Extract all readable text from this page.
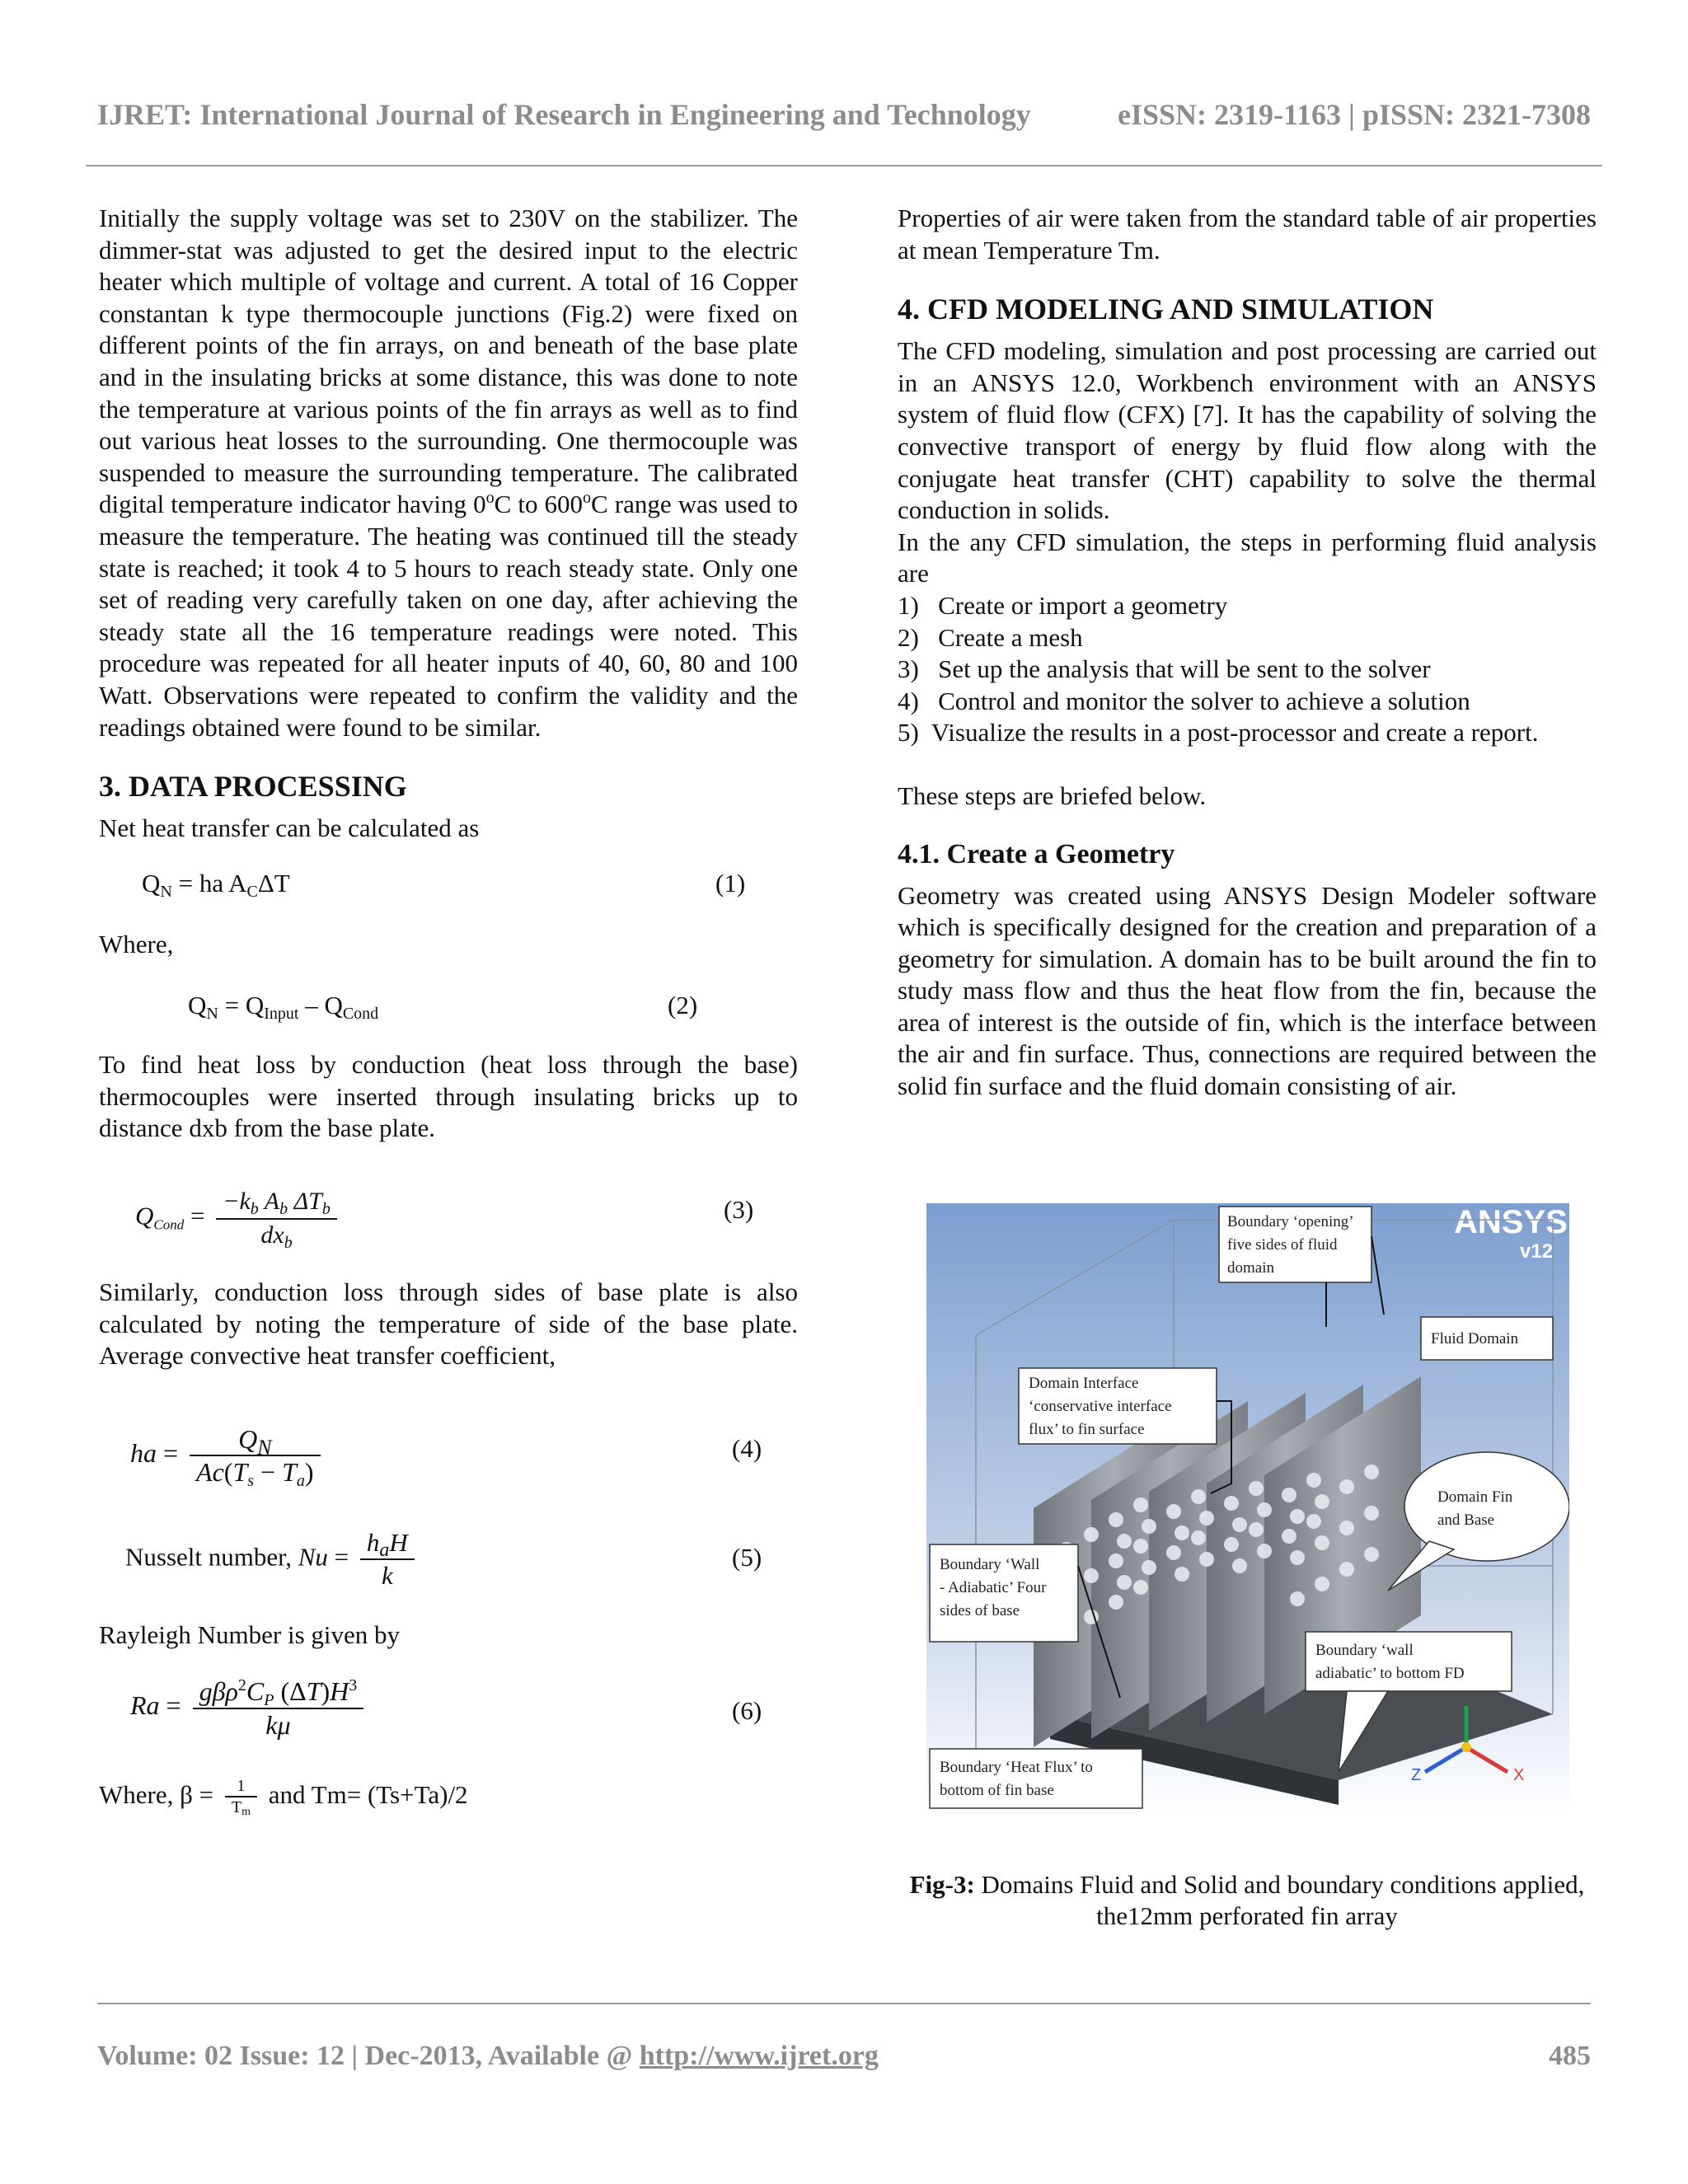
IJRET: International Journal of Research in Engineering and Technology	eISSN: 2319-1163 | pISSN: 2321-7308

Initially the supply voltage was set to 230V on the stabilizer. The dimmer-stat was adjusted to get the desired input to the electric heater which multiple of voltage and current. A total of 16 Copper constantan k type thermocouple junctions (Fig.2) were fixed on different points of the fin arrays, on and beneath of the base plate and in the insulating bricks at some distance, this was done to note the temperature at various points of the fin arrays as well as to find out various heat losses to the surrounding. One thermocouple was suspended to measure the surrounding temperature. The calibrated digital temperature indicator having 0$^o$C to 600$^o$C range was used to measure the temperature. The heating was continued till the steady state is reached; it took 4 to 5 hours to reach steady state. Only one set of reading very carefully taken on one day, after achieving the steady state all the 16 temperature readings were noted. This procedure was repeated for all heater inputs of 40, 60, 80 and 100 Watt. Observations were repeated to confirm the validity and the readings obtained were found to be similar.

3. DATA PROCESSING

Net heat transfer can be calculated as

$Q_N$ = ha $A_C\Delta T$	(1)

Where,

$Q_N = Q_{Input} - Q_{Cond}$	(2)

To find heat loss by conduction (heat loss through the base) thermocouples were inserted through insulating bricks up to distance dxb from the base plate.

$Q_{Cond} = \frac{-k_b A_b \Delta T_b}{dx_b}$	(3)

Similarly, conduction loss through sides of base plate is also calculated by noting the temperature of side of the base plate. Average convective heat transfer coefficient,

ha = $\frac{Q_N}{Ac(T_s - T_a)}$	(4)
Nusselt number, $Nu = \frac{h_aH}{k}$	(5)

Rayleigh Number is given by

$Ra = \frac{g\beta\rho^2C_P (\Delta T)H^3}{k\mu}$	(6)
Where, $\beta = \frac{1}{T_m}$ and Tm= (Ts+Ta)/2

Properties of air were taken from the standard table of air properties at mean Temperature Tm.

4. CFD MODELING AND SIMULATION

The CFD modeling, simulation and post processing are carried out in an ANSYS 12.0, Workbench environment with an ANSYS system of fluid flow (CFX) [7]. It has the capability of solving the convective transport of energy by fluid flow along with the conjugate heat transfer (CHT) capability to solve the thermal conduction in solids.

In the any CFD simulation, the steps in performing fluid analysis are

1)   Create or import a geometry
2)   Create a mesh
3)   Set up the analysis that will be sent to the solver
4)   Control and monitor the solver to achieve a solution
5)  Visualize the results in a post-processor and create a report.

These steps are briefed below.

4.1. Create a Geometry

Geometry was created using ANSYS Design Modeler software which is specifically designed for the creation and preparation of a geometry for simulation. A domain has to be built around the fin to study mass flow and thus the heat flow from the fin, because the area of interest is the outside of fin, which is the interface between the air and fin surface. Thus, connections are required between the solid fin surface and the fluid domain consisting of air.

ANSYS
v12
Boundary ‘opening’
five sides of fluid
domain
Fluid Domain
Domain Interface
‘conservative interface
flux’ to fin surface
Domain Fin
and Base
Boundary ‘Wall
- Adiabatic’ Four
sides of base
Boundary ‘wall
adiabatic’ to bottom FD
Boundary ‘Heat Flux’ to
bottom of fin base
X
Z
Fig-3: Domains Fluid and Solid and boundary conditions applied, the12mm perforated fin array
Volume: 02 Issue: 12 | Dec-2013, Available @ http://www.ijret.org	485
